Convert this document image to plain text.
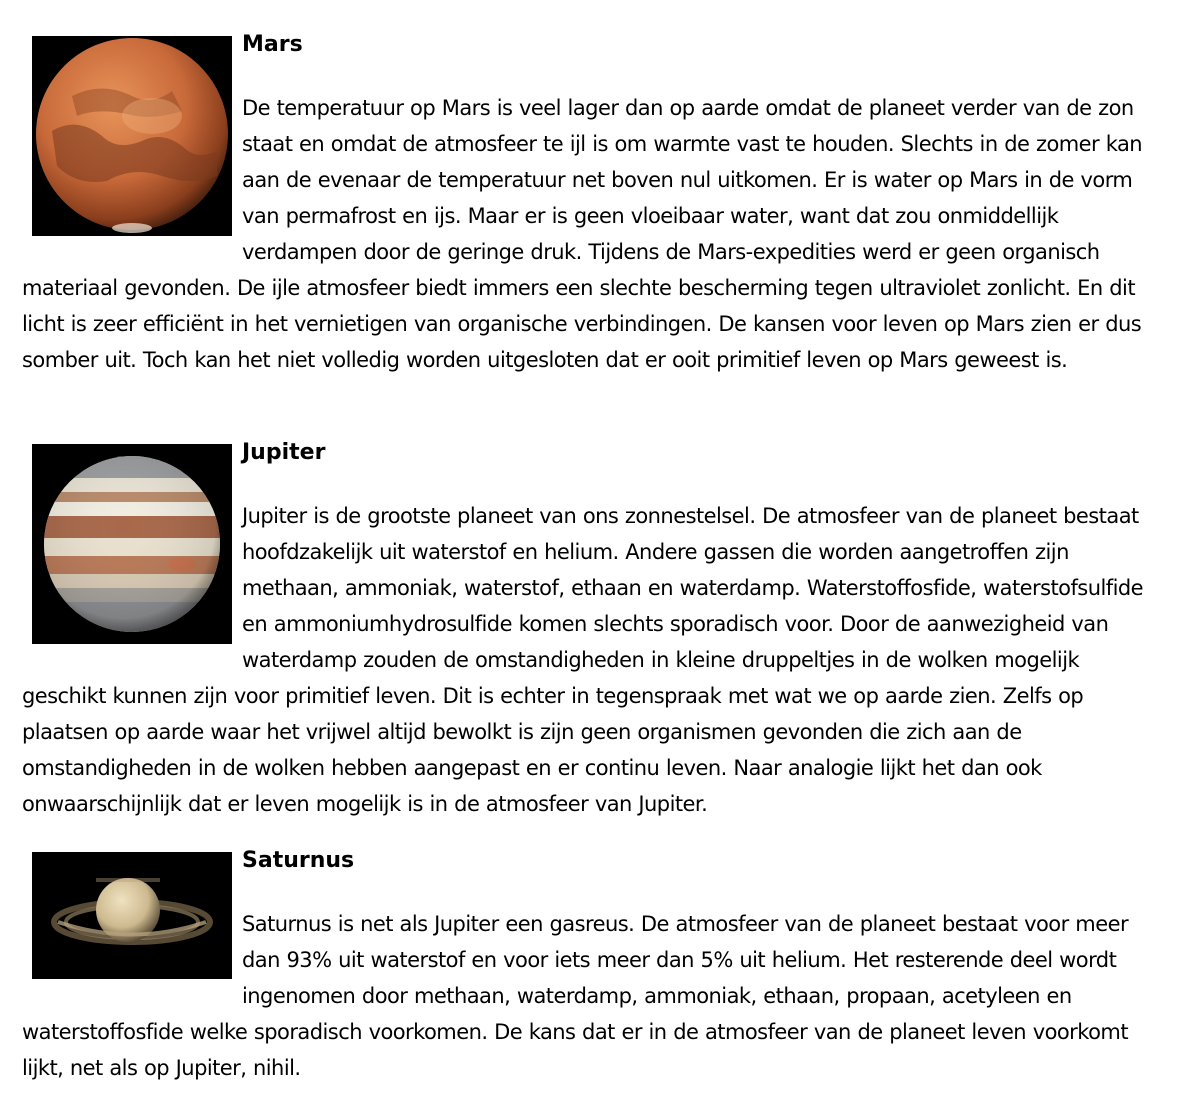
Mars

De temperatuur op Mars is veel lager dan op aarde omdat de planeet verder van de zon staat en omdat de atmosfeer te ijl is om warmte vast te houden. Slechts in de zomer kan aan de evenaar de temperatuur net boven nul uitkomen. Er is water op Mars in de vorm van permafrost en ijs. Maar er is geen vloeibaar water, want dat zou onmiddellijk verdampen door de geringe druk. Tijdens de Mars-expedities werd er geen organisch materiaal gevonden. De ijle atmosfeer biedt immers een slechte bescherming tegen ultraviolet zonlicht. En dit licht is zeer efficiënt in het vernietigen van organische verbindingen. De kansen voor leven op Mars zien er dus somber uit. Toch kan het niet volledig worden uitgesloten dat er ooit primitief leven op Mars geweest is.

Jupiter

Jupiter is de grootste planeet van ons zonnestelsel. De atmosfeer van de planeet bestaat hoofdzakelijk uit waterstof en helium. Andere gassen die worden aangetroffen zijn methaan, ammoniak, waterstof, ethaan en waterdamp. Waterstoffosfide, waterstofsulfide en ammoniumhydrosulfide komen slechts sporadisch voor. Door de aanwezigheid van waterdamp zouden de omstandigheden in kleine druppeltjes in de wolken mogelijk geschikt kunnen zijn voor primitief leven. Dit is echter in tegenspraak met wat we op aarde zien. Zelfs op plaatsen op aarde waar het vrijwel altijd bewolkt is zijn geen organismen gevonden die zich aan de omstandigheden in de wolken hebben aangepast en er continu leven. Naar analogie lijkt het dan ook onwaarschijnlijk dat er leven mogelijk is in de atmosfeer van Jupiter.

Saturnus

Saturnus is net als Jupiter een gasreus. De atmosfeer van de planeet bestaat voor meer dan 93% uit waterstof en voor iets meer dan 5% uit helium. Het resterende deel wordt ingenomen door methaan, waterdamp, ammoniak, ethaan, propaan, acetyleen en waterstoffosfide welke sporadisch voorkomen. De kans dat er in de atmosfeer van de planeet leven voorkomt lijkt, net als op Jupiter, nihil.
